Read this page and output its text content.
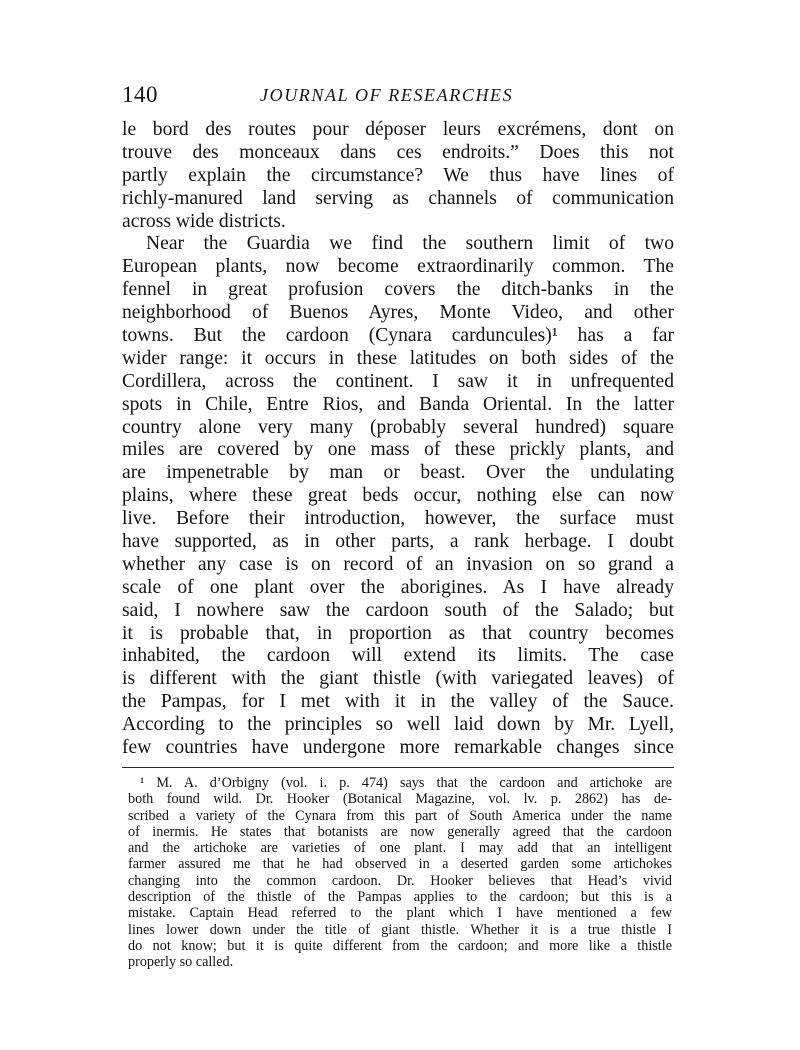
140	JOURNAL OF RESEARCHES
le bord des routes pour déposer leurs excrémens, dont on
trouve des monceaux dans ces endroits.” Does this not
partly explain the circumstance? We thus have lines of
richly-manured land serving as channels of communication
across wide districts.
Near the Guardia we find the southern limit of two
European plants, now become extraordinarily common. The
fennel in great profusion covers the ditch-banks in the
neighborhood of Buenos Ayres, Monte Video, and other
towns. But the cardoon (Cynara carduncules)¹ has a far
wider range: it occurs in these latitudes on both sides of the
Cordillera, across the continent. I saw it in unfrequented
spots in Chile, Entre Rios, and Banda Oriental. In the latter
country alone very many (probably several hundred) square
miles are covered by one mass of these prickly plants, and
are impenetrable by man or beast. Over the undulating
plains, where these great beds occur, nothing else can now
live. Before their introduction, however, the surface must
have supported, as in other parts, a rank herbage. I doubt
whether any case is on record of an invasion on so grand a
scale of one plant over the aborigines. As I have already
said, I nowhere saw the cardoon south of the Salado; but
it is probable that, in proportion as that country becomes
inhabited, the cardoon will extend its limits. The case
is different with the giant thistle (with variegated leaves) of
the Pampas, for I met with it in the valley of the Sauce.
According to the principles so well laid down by Mr. Lyell,
few countries have undergone more remarkable changes since
¹ M. A. d’Orbigny (vol. i. p. 474) says that the cardoon and artichoke are
both found wild. Dr. Hooker (Botanical Magazine, vol. lv. p. 2862) has de-
scribed a variety of the Cynara from this part of South America under the name
of inermis. He states that botanists are now generally agreed that the cardoon
and the artichoke are varieties of one plant. I may add that an intelligent
farmer assured me that he had observed in a deserted garden some artichokes
changing into the common cardoon. Dr. Hooker believes that Head’s vivid
description of the thistle of the Pampas applies to the cardoon; but this is a
mistake. Captain Head referred to the plant which I have mentioned a few
lines lower down under the title of giant thistle. Whether it is a true thistle I
do not know; but it is quite different from the cardoon; and more like a thistle
properly so called.
